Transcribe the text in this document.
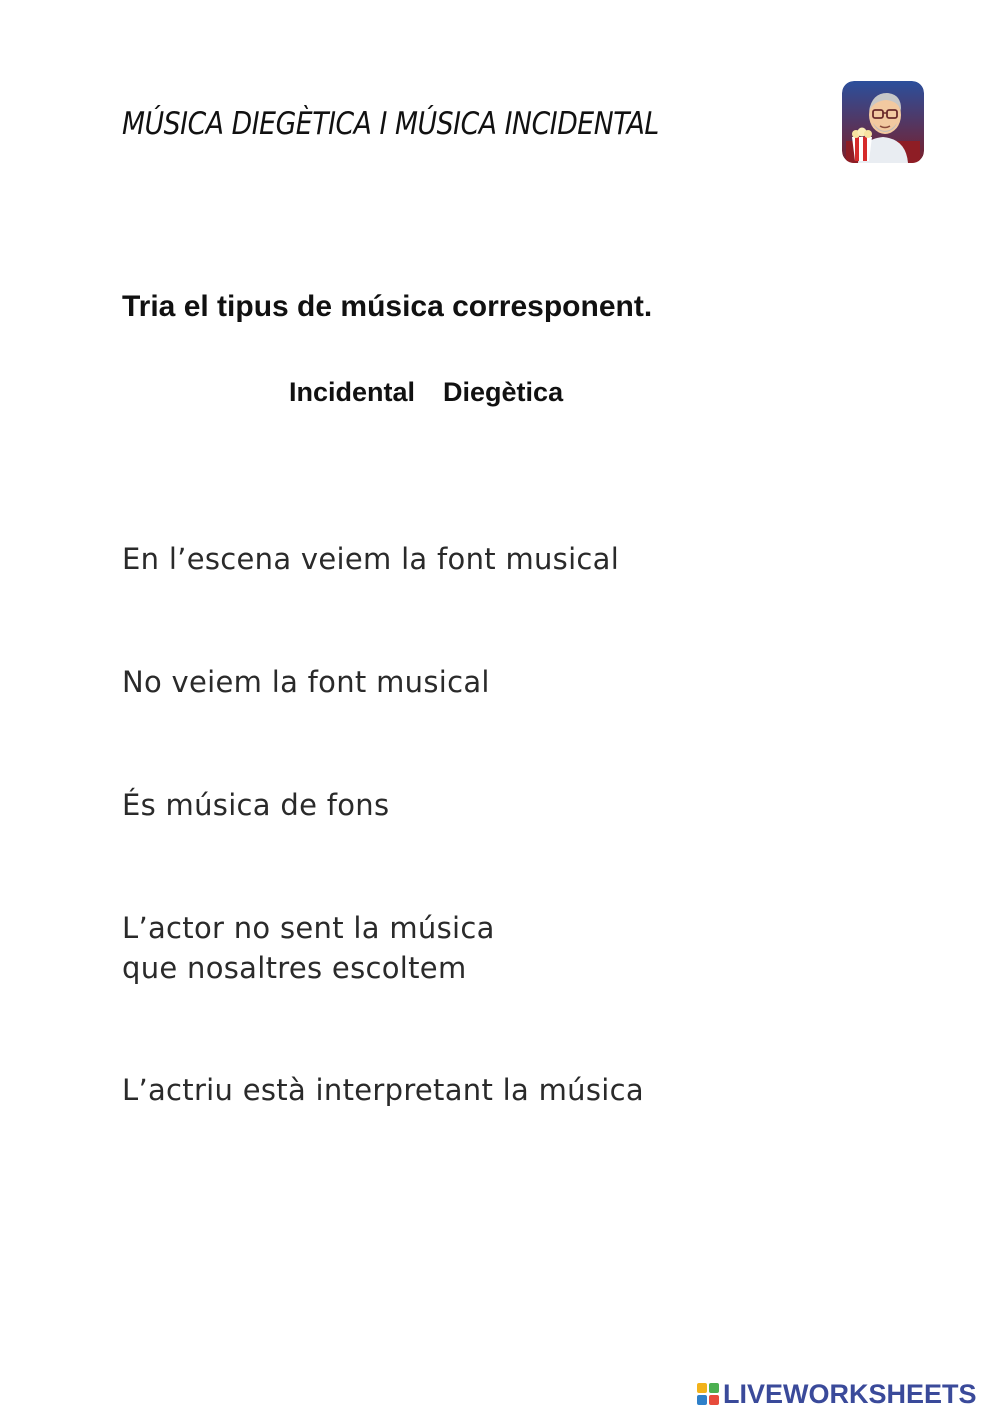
MÚSICA DIEGÈTICA I MÚSICA INCIDENTAL
Tria el tipus de música corresponent.
Incidental Diegètica
En l’escena veiem la font musical
No veiem la font musical
És música de fons
L’actor no sent la música
que nosaltres escoltem
L’actriu està interpretant la música
LIVEWORKSHEETS
